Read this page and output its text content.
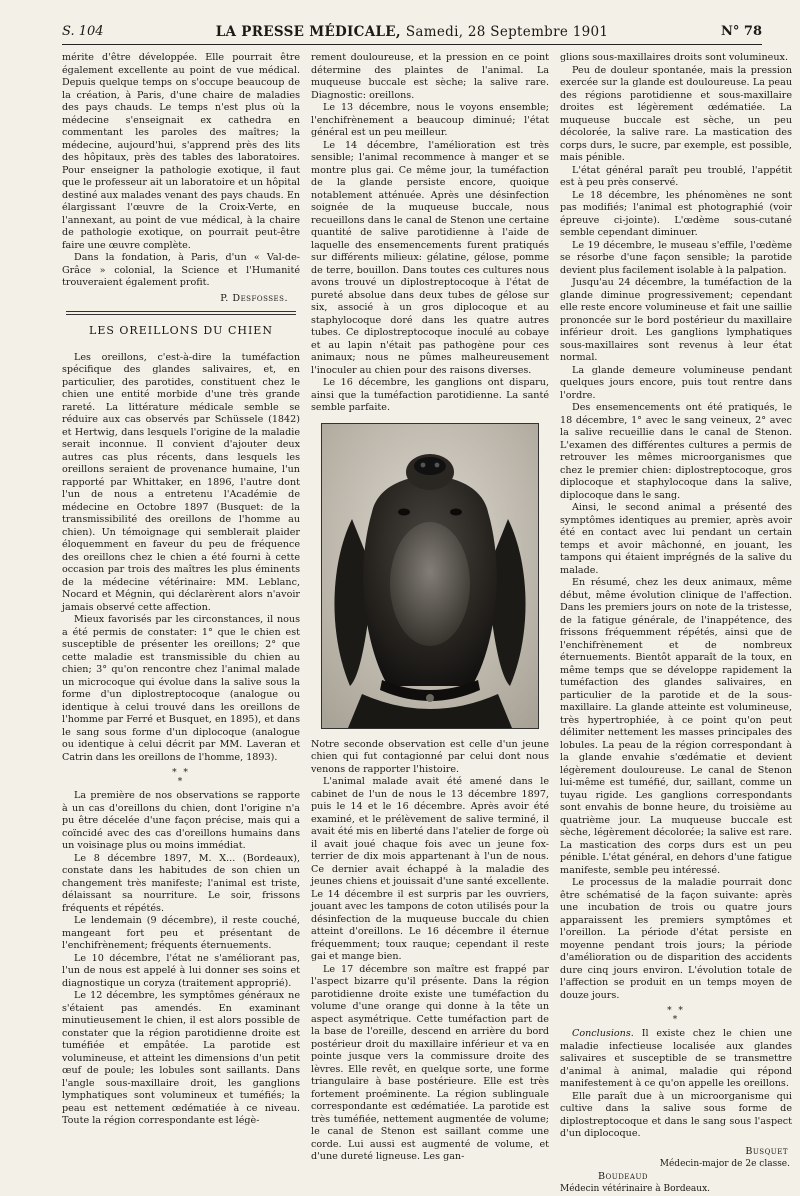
S. 104	LA PRESSE MÉDICALE, Samedi, 28 Septembre 1901	N° 78

mérite d'être développée. Elle pourrait être également excellente au point de vue médical. Depuis quelque temps on s'occupe beaucoup de la création, à Paris, d'une chaire de maladies des pays chauds. Le temps n'est plus où la médecine s'enseignait ex cathedra en commentant les paroles des maîtres; la médecine, aujourd'hui, s'apprend près des lits des hôpitaux, près des tables des laboratoires. Pour enseigner la pathologie exotique, il faut que le professeur ait un laboratoire et un hôpital destiné aux malades venant des pays chauds. En élargissant l'œuvre de la Croix-Verte, en l'annexant, au point de vue médical, à la chaire de pathologie exotique, on pourrait peut-être faire une œuvre complète.

Dans la fondation, à Paris, d'un « Val-de-Grâce » colonial, la Science et l'Humanité trouveraient également profit.

P. Desfosses.
LES OREILLONS DU CHIEN

Les oreillons, c'est-à-dire la tuméfaction spécifique des glandes salivaires, et, en particulier, des parotides, constituent chez le chien une entité morbide d'une très grande rareté. La littérature médicale semble se réduire aux cas observés par Schüssele (1842) et Hertwig, dans lesquels l'origine de la maladie serait inconnue. Il convient d'ajouter deux autres cas plus récents, dans lesquels les oreillons seraient de provenance humaine, l'un rapporté par Whittaker, en 1896, l'autre dont l'un de nous a entretenu l'Académie de médecine en Octobre 1897 (Busquet: de la transmissibilité des oreillons de l'homme au chien). Un témoignage qui semblerait plaider éloquemment en faveur du peu de fréquence des oreillons chez le chien a été fourni à cette occasion par trois des maîtres les plus éminents de la médecine vétérinaire: MM. Leblanc, Nocard et Mégnin, qui déclarèrent alors n'avoir jamais observé cette affection.

Mieux favorisés par les circonstances, il nous a été permis de constater: 1° que le chien est susceptible de présenter les oreillons; 2° que cette maladie est transmissible du chien au chien; 3° qu'on rencontre chez l'animal malade un microcoque qui évolue dans la salive sous la forme d'un diplostreptocoque (analogue ou identique à celui trouvé dans les oreillons de l'homme par Ferré et Busquet, en 1895), et dans le sang sous forme d'un diplocoque (analogue ou identique à celui décrit par MM. Laveran et Catrin dans les oreillons de l'homme, 1893).

* *
*

La première de nos observations se rapporte à un cas d'oreillons du chien, dont l'origine n'a pu être décelée d'une façon précise, mais qui a coïncidé avec des cas d'oreillons humains dans un voisinage plus ou moins immédiat.

Le 8 décembre 1897, M. X... (Bordeaux), constate dans les habitudes de son chien un changement très manifeste; l'animal est triste, délaissant sa nourriture. Le soir, frissons fréquents et répétés.

Le lendemain (9 décembre), il reste couché, mangeant fort peu et présentant de l'enchifrènement; fréquents éternuements.

Le 10 décembre, l'état ne s'améliorant pas, l'un de nous est appelé à lui donner ses soins et diagnostique un coryza (traitement approprié).

Le 12 décembre, les symptômes généraux ne s'étaient pas amendés. En examinant minutieusement le chien, il est alors possible de constater que la région parotidienne droite est tuméfiée et empâtée. La parotide est volumineuse, et atteint les dimensions d'un petit œuf de poule; les lobules sont saillants. Dans l'angle sous-maxillaire droit, les ganglions lymphatiques sont volumineux et tuméfiés; la peau est nettement œdématiée à ce niveau. Toute la région correspondante est légè-

rement douloureuse, et la pression en ce point détermine des plaintes de l'animal. La muqueuse buccale est sèche; la salive rare. Diagnostic: oreillons.

Le 13 décembre, nous le voyons ensemble; l'enchifrènement a beaucoup diminué; l'état général est un peu meilleur.

Le 14 décembre, l'amélioration est très sensible; l'animal recommence à manger et se montre plus gai. Ce même jour, la tuméfaction de la glande persiste encore, quoique notablement atténuée. Après une désinfection soignée de la muqueuse buccale, nous recueillons dans le canal de Stenon une certaine quantité de salive parotidienne à l'aide de laquelle des ensemencements furent pratiqués sur différents milieux: gélatine, gélose, pomme de terre, bouillon. Dans toutes ces cultures nous avons trouvé un diplostreptocoque à l'état de pureté absolue dans deux tubes de gélose sur six, associé à un gros diplocoque et au staphylocoque doré dans les quatre autres tubes. Ce diplostreptocoque inoculé au cobaye et au lapin n'était pas pathogène pour ces animaux; nous ne pûmes malheureusement l'inoculer au chien pour des raisons diverses.

Le 16 décembre, les ganglions ont disparu, ainsi que la tuméfaction parotidienne. La santé semble parfaite.

Notre seconde observation est celle d'un jeune chien qui fut contagionné par celui dont nous venons de rapporter l'histoire.

L'animal malade avait été amené dans le cabinet de l'un de nous le 13 décembre 1897, puis le 14 et le 16 décembre. Après avoir été examiné, et le prélèvement de salive terminé, il avait été mis en liberté dans l'atelier de forge où il avait joué chaque fois avec un jeune fox-terrier de dix mois appartenant à l'un de nous. Ce dernier avait échappé à la maladie des jeunes chiens et jouissait d'une santé excellente. Le 14 décembre il est surpris par les ouvriers, jouant avec les tampons de coton utilisés pour la désinfection de la muqueuse buccale du chien atteint d'oreillons. Le 16 décembre il éternue fréquemment; toux rauque; cependant il reste gai et mange bien.

Le 17 décembre son maître est frappé par l'aspect bizarre qu'il présente. Dans la région parotidienne droite existe une tuméfaction du volume d'une orange qui donne à la tête un aspect asymétrique. Cette tuméfaction part de la base de l'oreille, descend en arrière du bord postérieur droit du maxillaire inférieur et va en pointe jusque vers la commissure droite des lèvres. Elle revêt, en quelque sorte, une forme triangulaire à base postérieure. Elle est très fortement proéminente. La région sublinguale correspondante est œdématiée. La parotide est très tuméfiée, nettement augmentée de volume; le canal de Stenon est saillant comme une corde. Lui aussi est augmenté de volume, et d'une dureté ligneuse. Les gan-

glions sous-maxillaires droits sont volumineux.

Peu de douleur spontanée, mais la pression exercée sur la glande est douloureuse. La peau des régions parotidienne et sous-maxillaire droites est légèrement œdématiée. La muqueuse buccale est sèche, un peu décolorée, la salive rare. La mastication des corps durs, le sucre, par exemple, est possible, mais pénible.

L'état général paraît peu troublé, l'appétit est à peu près conservé.

Le 18 décembre, les phénomènes ne sont pas modifiés; l'animal est photographié (voir épreuve ci-jointe). L'œdème sous-cutané semble cependant diminuer.

Le 19 décembre, le museau s'effile, l'œdème se résorbe d'une façon sensible; la parotide devient plus facilement isolable à la palpation.

Jusqu'au 24 décembre, la tuméfaction de la glande diminue progressivement; cependant elle reste encore volumineuse et fait une saillie prononcée sur le bord postérieur du maxillaire inférieur droit. Les ganglions lymphatiques sous-maxillaires sont revenus à leur état normal.

La glande demeure volumineuse pendant quelques jours encore, puis tout rentre dans l'ordre.

Des ensemencements ont été pratiqués, le 18 décembre, 1° avec le sang veineux, 2° avec la salive recueillie dans le canal de Stenon. L'examen des différentes cultures a permis de retrouver les mêmes microorganismes que chez le premier chien: diplostreptocoque, gros diplocoque et staphylocoque dans la salive, diplocoque dans le sang.

Ainsi, le second animal a présenté des symptômes identiques au premier, après avoir été en contact avec lui pendant un certain temps et avoir mâchonné, en jouant, les tampons qui étaient imprégnés de la salive du malade.

En résumé, chez les deux animaux, même début, même évolution clinique de l'affection. Dans les premiers jours on note de la tristesse, de la fatigue générale, de l'inappétence, des frissons fréquemment répétés, ainsi que de l'enchifrènement et de nombreux éternuements. Bientôt apparaît de la toux, en même temps que se développe rapidement la tuméfaction des glandes salivaires, en particulier de la parotide et de la sous-maxillaire. La glande atteinte est volumineuse, très hypertrophiée, à ce point qu'on peut délimiter nettement les masses principales des lobules. La peau de la région correspondant à la glande envahie s'œdématie et devient légèrement douloureuse. Le canal de Stenon lui-même est tuméfié, dur, saillant, comme un tuyau rigide. Les ganglions correspondants sont envahis de bonne heure, du troisième au quatrième jour. La muqueuse buccale est sèche, légèrement décolorée; la salive est rare. La mastication des corps durs est un peu pénible. L'état général, en dehors d'une fatigue manifeste, semble peu intéressé.

Le processus de la maladie pourrait donc être schématisé de la façon suivante: après une incubation de trois ou quatre jours apparaissent les premiers symptômes et l'oreillon. La période d'état persiste en moyenne pendant trois jours; la période d'amélioration ou de disparition des accidents dure cinq jours environ. L'évolution totale de l'affection se produit en un temps moyen de douze jours.

* *
*

Conclusions. Il existe chez le chien une maladie infectieuse localisée aux glandes salivaires et susceptible de se transmettre d'animal à animal, maladie qui répond manifestement à ce qu'on appelle les oreillons.

Elle paraît due à un microorganisme qui cultive dans la salive sous forme de diplostreptocoque et dans le sang sous l'aspect d'un diplocoque.

Busquet
Médecin-major de 2e classe.
Boudeaud
Médecin vétérinaire à Bordeaux.
